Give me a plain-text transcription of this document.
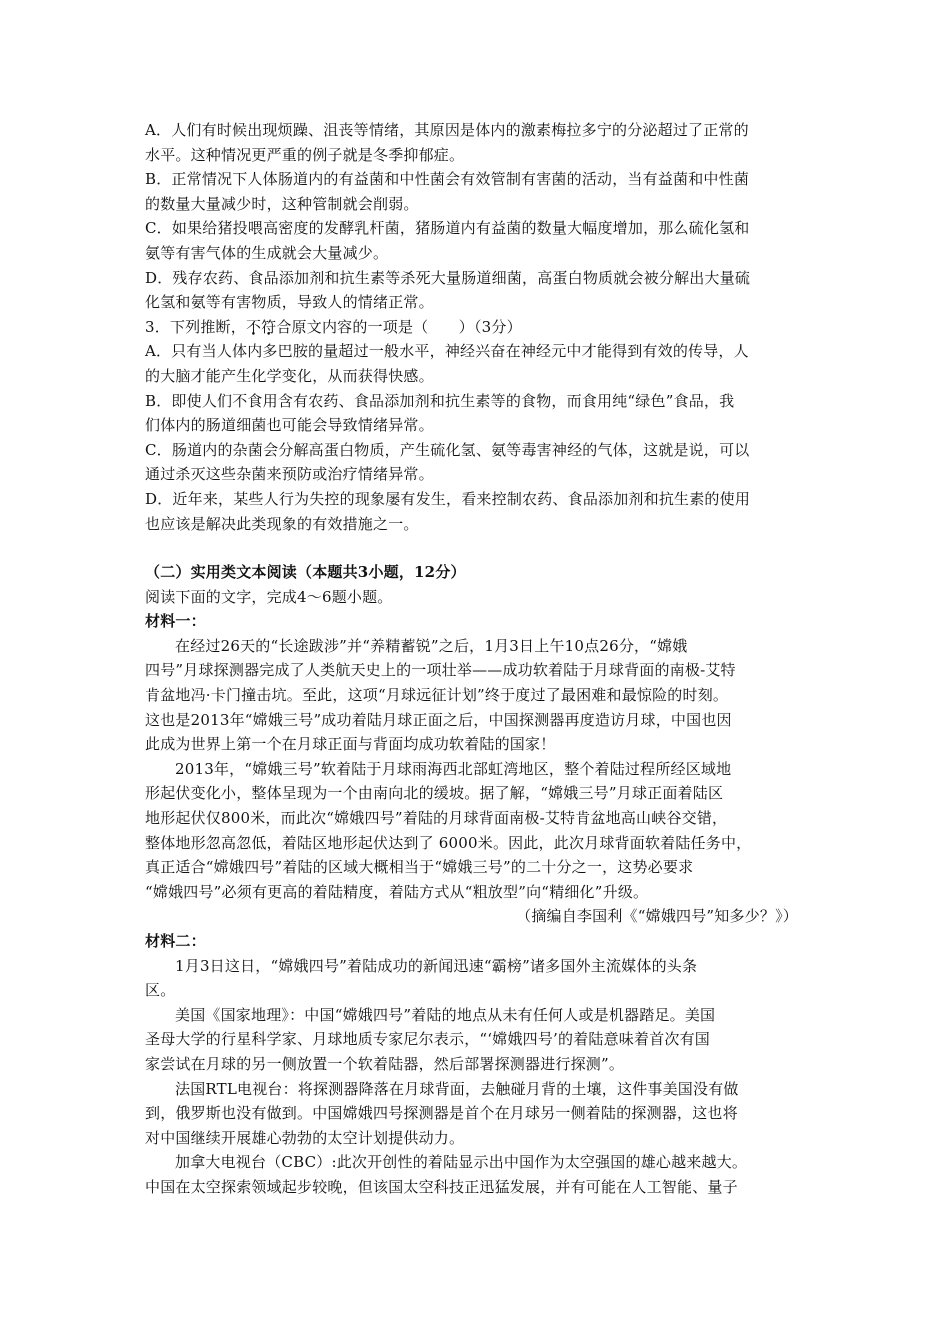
A．人们有时候出现烦躁、沮丧等情绪，其原因是体内的激素梅拉多宁的分泌超过了正常的
水平。这种情况更严重的例子就是冬季抑郁症。
B．正常情况下人体肠道内的有益菌和中性菌会有效管制有害菌的活动，当有益菌和中性菌
的数量大量减少时，这种管制就会削弱。
C．如果给猪投喂高密度的发酵乳杆菌，猪肠道内有益菌的数量大幅度增加，那么硫化氢和
氨等有害气体的生成就会大量减少。
D．残存农药、食品添加剂和抗生素等杀死大量肠道细菌，高蛋白物质就会被分解出大量硫
化氢和氨等有害物质，导致人的情绪正常。
3．下列推断，不符合原文内容的一项是（　　）（3分）
A．只有当人体内多巴胺的量超过一般水平，神经兴奋在神经元中才能得到有效的传导，人
的大脑才能产生化学变化，从而获得快感。
B．即使人们不食用含有农药、食品添加剂和抗生素等的食物，而食用纯“绿色”食品，我
们体内的肠道细菌也可能会导致情绪异常。
C．肠道内的杂菌会分解高蛋白物质，产生硫化氢、氨等毒害神经的气体，这就是说，可以
通过杀灭这些杂菌来预防或治疗情绪异常。
D．近年来，某些人行为失控的现象屡有发生，看来控制农药、食品添加剂和抗生素的使用
也应该是解决此类现象的有效措施之一。
（二）实用类文本阅读（本题共3小题，12分）
阅读下面的文字，完成4～6题小题。
材料一：
在经过26天的“长途跋涉”并“养精蓄锐”之后，1月3日上午10点26分，“嫦娥
四号”月球探测器完成了人类航天史上的一项壮举——成功软着陆于月球背面的南极-艾特
肯盆地冯·卡门撞击坑。至此，这项“月球远征计划”终于度过了最困难和最惊险的时刻。
这也是2013年“嫦娥三号”成功着陆月球正面之后，中国探测器再度造访月球，中国也因
此成为世界上第一个在月球正面与背面均成功软着陆的国家！
2013年，“嫦娥三号”软着陆于月球雨海西北部虹湾地区，整个着陆过程所经区域地
形起伏变化小，整体呈现为一个由南向北的缓坡。据了解，“嫦娥三号”月球正面着陆区
地形起伏仅800米，而此次“嫦娥四号”着陆的月球背面南极-艾特肯盆地高山峡谷交错，
整体地形忽高忽低，着陆区地形起伏达到了 6000米。因此，此次月球背面软着陆任务中，
真正适合“嫦娥四号”着陆的区域大概相当于“嫦娥三号”的二十分之一，这势必要求
“嫦娥四号”必须有更高的着陆精度，着陆方式从“粗放型”向“精细化”升级。
（摘编自李国利《“嫦娥四号”知多少？》）
材料二：
1月3日这日，“嫦娥四号”着陆成功的新闻迅速“霸榜”诸多国外主流媒体的头条
区。
美国《国家地理》：中国“嫦娥四号”着陆的地点从未有任何人或是机器踏足。美国
圣母大学的行星科学家、月球地质专家尼尔表示，“‘嫦娥四号’的着陆意味着首次有国
家尝试在月球的另一侧放置一个软着陆器，然后部署探测器进行探测”。
法国RTL电视台：将探测器降落在月球背面，去触碰月背的土壤，这件事美国没有做
到，俄罗斯也没有做到。中国嫦娥四号探测器是首个在月球另一侧着陆的探测器，这也将
对中国继续开展雄心勃勃的太空计划提供动力。
加拿大电视台（CBC）:此次开创性的着陆显示出中国作为太空强国的雄心越来越大。
中国在太空探索领域起步较晚，但该国太空科技正迅猛发展，并有可能在人工智能、量子
